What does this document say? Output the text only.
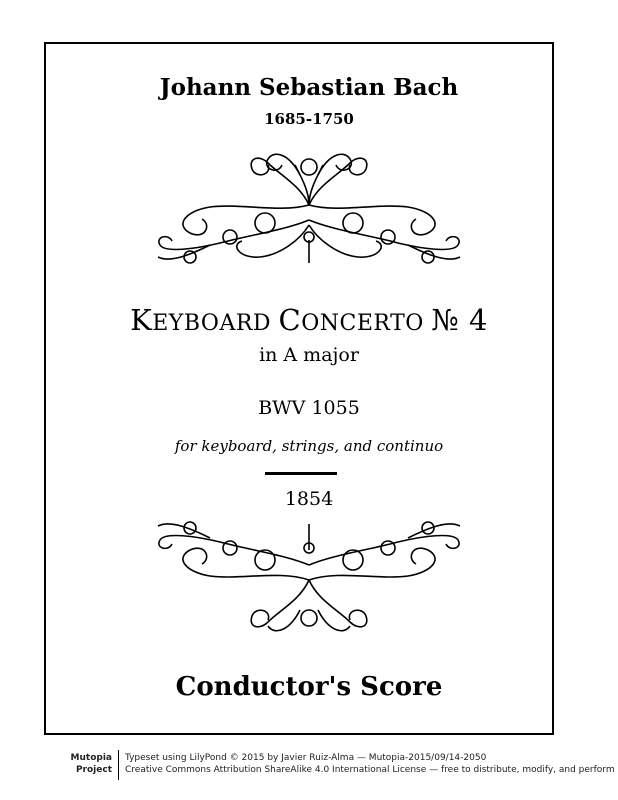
Johann Sebastian Bach
1685-1750
KEYBOARD CONCERTO № 4
in A major
BWV 1055
for keyboard, strings, and continuo
1854
Conductor's Score
Mutopia
Project
Typeset using LilyPond © 2015 by Javier Ruiz-Alma — Mutopia-2015/09/14-2050
Creative Commons Attribution ShareAlike 4.0 International License — free to distribute, modify, and perform
